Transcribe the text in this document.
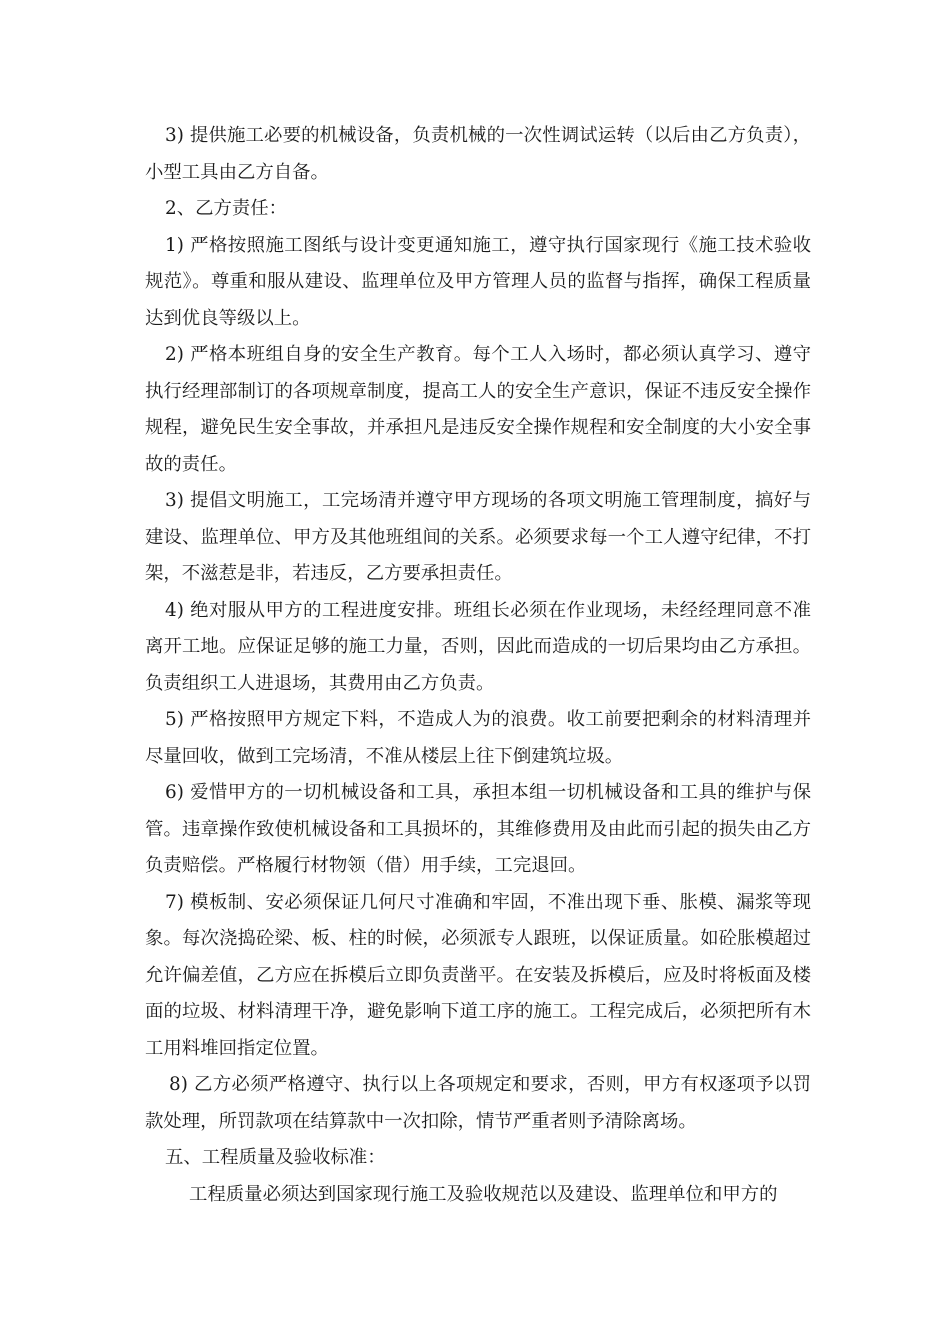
3) 提供施工必要的机械设备，负责机械的一次性调试运转（以后由乙方负责），小型工具由乙方自备。

2、乙方责任：

1) 严格按照施工图纸与设计变更通知施工，遵守执行国家现行《施工技术验收规范》。尊重和服从建设、监理单位及甲方管理人员的监督与指挥，确保工程质量达到优良等级以上。

2) 严格本班组自身的安全生产教育。每个工人入场时，都必须认真学习、遵守执行经理部制订的各项规章制度，提高工人的安全生产意识，保证不违反安全操作规程，避免民生安全事故，并承担凡是违反安全操作规程和安全制度的大小安全事故的责任。

3) 提倡文明施工，工完场清并遵守甲方现场的各项文明施工管理制度，搞好与建设、监理单位、甲方及其他班组间的关系。必须要求每一个工人遵守纪律，不打架，不滋惹是非，若违反，乙方要承担责任。

4) 绝对服从甲方的工程进度安排。班组长必须在作业现场，未经经理同意不准离开工地。应保证足够的施工力量，否则，因此而造成的一切后果均由乙方承担。负责组织工人进退场，其费用由乙方负责。

5) 严格按照甲方规定下料，不造成人为的浪费。收工前要把剩余的材料清理并尽量回收，做到工完场清，不准从楼层上往下倒建筑垃圾。

6) 爱惜甲方的一切机械设备和工具，承担本组一切机械设备和工具的维护与保管。违章操作致使机械设备和工具损坏的，其维修费用及由此而引起的损失由乙方负责赔偿。严格履行材物领（借）用手续，工完退回。

7) 模板制、安必须保证几何尺寸准确和牢固，不准出现下垂、胀模、漏浆等现象。每次浇捣砼梁、板、柱的时候，必须派专人跟班，以保证质量。如砼胀模超过允许偏差值，乙方应在拆模后立即负责凿平。在安装及拆模后，应及时将板面及楼面的垃圾、材料清理干净，避免影响下道工序的施工。工程完成后，必须把所有木工用料堆回指定位置。

8) 乙方必须严格遵守、执行以上各项规定和要求，否则，甲方有权逐项予以罚款处理，所罚款项在结算款中一次扣除，情节严重者则予清除离场。

五、工程质量及验收标准：

工程质量必须达到国家现行施工及验收规范以及建设、监理单位和甲方的
